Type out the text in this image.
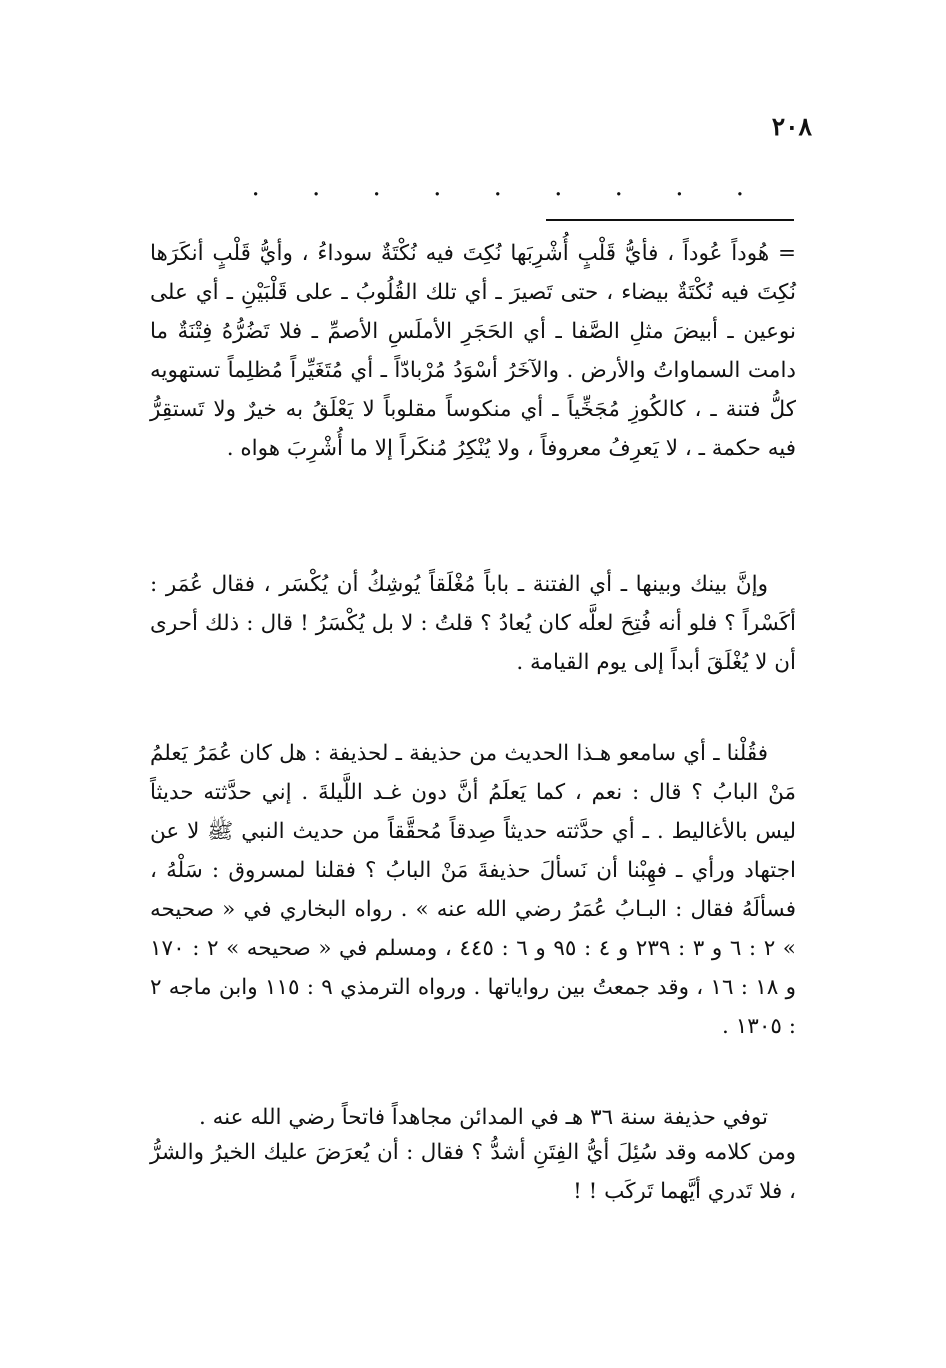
٢٠٨
. . . . . . . . .

= هُوداً عُوداً ، فأيُّ قَلْبٍ أُشْرِبَها نُكِتَ فيه نُكْتَةٌ سوداءُ ، وأيُّ قَلْبٍ أنكَرَها نُكِتَ فيه نُكْتَةٌ بيضاء ، حتى تَصيرَ ـ أي تلك القُلُوبُ ـ على قَلْبَيْنِ ـ أي على نوعين ـ أبيضَ مثلِ الصَّفا ـ أي الحَجَرِ الأملَسِ الأصمِّ ـ فلا تَضُرُّهُ فِتْنَةٌ ما دامت السماواتُ والأرض . والآخَرُ أسْوَدُ مُرْبادّاً ـ أي مُتَغَيِّراً مُظلِماً تستهويه كلُّ فتنة ـ ، كالكُوزِ مُجَخِّياً ـ أي منكوساً مقلوباً لا يَعْلَقُ به خيرٌ ولا تَستقِرُّ فيه حكمة ـ ، لا يَعرِفُ معروفاً ، ولا يُنْكِرُ مُنكَراً إلا ما أُشْرِبَ هواه .

وإنَّ بينك وبينها ـ أي الفتنة ـ باباً مُغْلَقاً يُوشِكُ أن يُكْسَر ، فقال عُمَر : أكَسْراً ؟ فلو أنه فُتِحَ لعلَّه كان يُعادُ ؟ قلتُ : لا بل يُكْسَرُ ! قال : ذلك أحرى أن لا يُغْلَقَ أبداً إلى يوم القيامة .

فقُلْنا ـ أي سامعو هـذا الحديث من حذيفة ـ لحذيفة : هل كان عُمَرُ يَعلمُ مَنْ البابُ ؟ قال : نعم ، كما يَعلَمُ أنَّ دون غـد اللَّيلةَ . إني حدَّثته حديثاً ليس بالأغاليط . ـ أي حدَّثته حديثاً صِدقاً مُحقَّقاً من حديث النبي ﷺ لا عن اجتهاد ورأي ـ فهِبْنا أن نَسألَ حذيفةَ مَنْ البابُ ؟ فقلنا لمسروق : سَلْهُ ، فسألَهُ فقال : البـابُ عُمَرُ رضي الله عنه » . رواه البخاري في « صحيحه » ٢ : ٦ و ٣ : ٢٣٩ و ٤ : ٩٥ و ٦ : ٤٤٥ ، ومسلم في « صحيحه » ٢ : ١٧٠ و ١٨ : ١٦ ، وقد جمعتُ بين رواياتها . ورواه الترمذي ٩ : ١١٥ وابن ماجه ٢ : ١٣٠٥ .

توفي حذيفة سنة ٣٦ هـ في المدائن مجاهداً فاتحاً رضي الله عنه .

ومن كلامه وقد سُئِلَ أيُّ الفِتَنِ أشدُّ ؟ فقال : أن يُعرَضَ عليك الخيرُ والشرُّ ، فلا تَدري أيَّهما تَركَب ! !
